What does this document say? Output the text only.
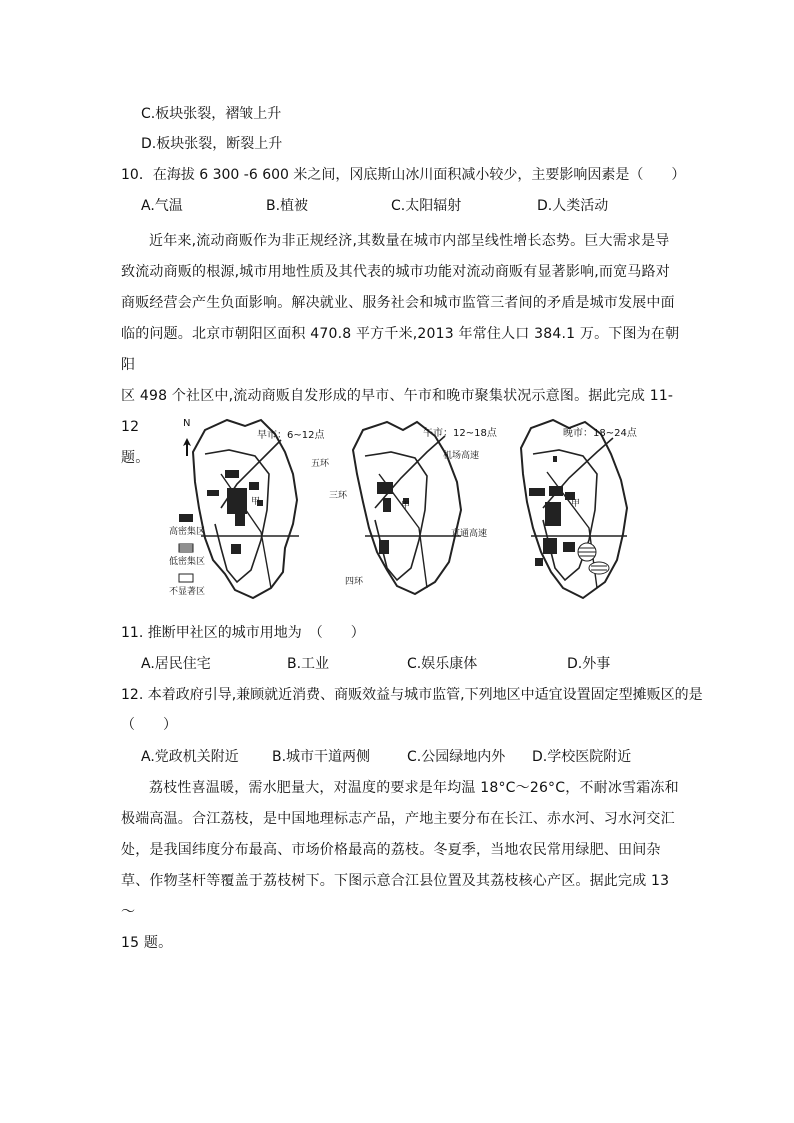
C.板块张裂，褶皱上升
D.板块张裂，断裂上升
10．在海拔 6 300 -6 600 米之间，冈底斯山冰川面积减小较少，主要影响因素是（　　）
A.气温	B.植被	C.太阳辐射	D.人类活动
近年来,流动商贩作为非正规经济,其数量在城市内部呈线性增长态势。巨大需求是导
致流动商贩的根源,城市用地性质及其代表的城市功能对流动商贩有显著影响,而宽马路对
商贩经营会产生负面影响。解决就业、服务社会和城市监管三者间的矛盾是城市发展中面
临的问题。北京市朝阳区面积 470.8 平方千米,2013 年常住人口 384.1 万。下图为在朝阳
区 498 个社区中,流动商贩自发形成的早市、午市和晚市聚集状况示意图。据此完成 11-12
题。
甲
早市：6~12点
N
高密集区
低密集区
不显著区
甲
午市：12~18点
五环
三环
四环
机场高速
京通高速
甲
晚市：18~24点
11. 推断甲社区的城市用地为　（　　）
A.居民住宅	B.工业	C.娱乐康体	D.外事
12. 本着政府引导,兼顾就近消费、商贩效益与城市监管,下列地区中适宜设置固定型摊贩区的是
（　　）
A.党政机关附近 B.城市干道两侧	C.公园绿地内外 D.学校医院附近
荔枝性喜温暖，需水肥量大，对温度的要求是年均温 18°C～26°C，不耐冰雪霜冻和
极端高温。合江荔枝，是中国地理标志产品，产地主要分布在长江、赤水河、习水河交汇
处，是我国纬度分布最高、市场价格最高的荔枝。冬夏季，当地农民常用绿肥、田间杂
草、作物茎杆等覆盖于荔枝树下。下图示意合江县位置及其荔枝核心产区。据此完成 13～
15 题。
